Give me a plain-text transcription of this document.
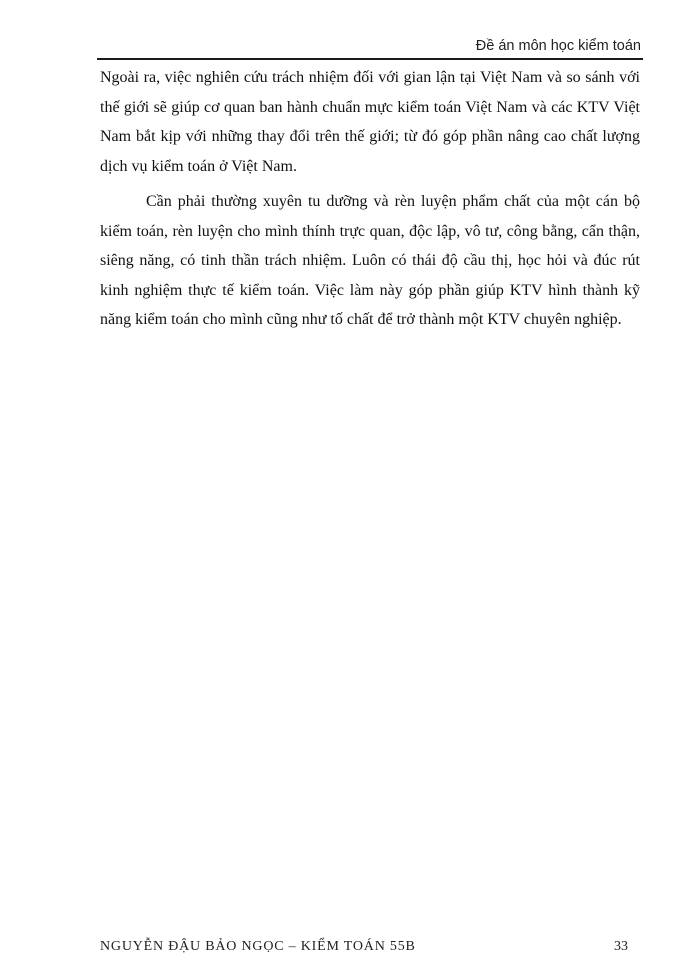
Đề án môn học kiểm toán

Ngoài ra, việc nghiên cứu trách nhiệm đối với gian lận tại Việt Nam và so sánh với thế giới sẽ giúp cơ quan ban hành chuẩn mực kiểm toán Việt Nam và các KTV Việt Nam bắt kịp với những thay đổi trên thế giới; từ đó góp phần nâng cao chất lượng dịch vụ kiểm toán ở Việt Nam.

Cần phải thường xuyên tu dưỡng và rèn luyện phẩm chất của một cán bộ kiểm toán, rèn luyện cho mình thính trực quan, độc lập, vô tư, công bằng, cẩn thận, siêng năng, có tinh thần trách nhiệm. Luôn có thái độ cầu thị, học hỏi và đúc rút kinh nghiệm thực tế kiểm toán. Việc làm này góp phần giúp KTV hình thành kỹ năng kiểm toán cho mình cũng như tố chất để trở thành một KTV chuyên nghiệp.

NGUYỄN ĐẬU BẢO NGỌC – KIỂM TOÁN 55B	33
